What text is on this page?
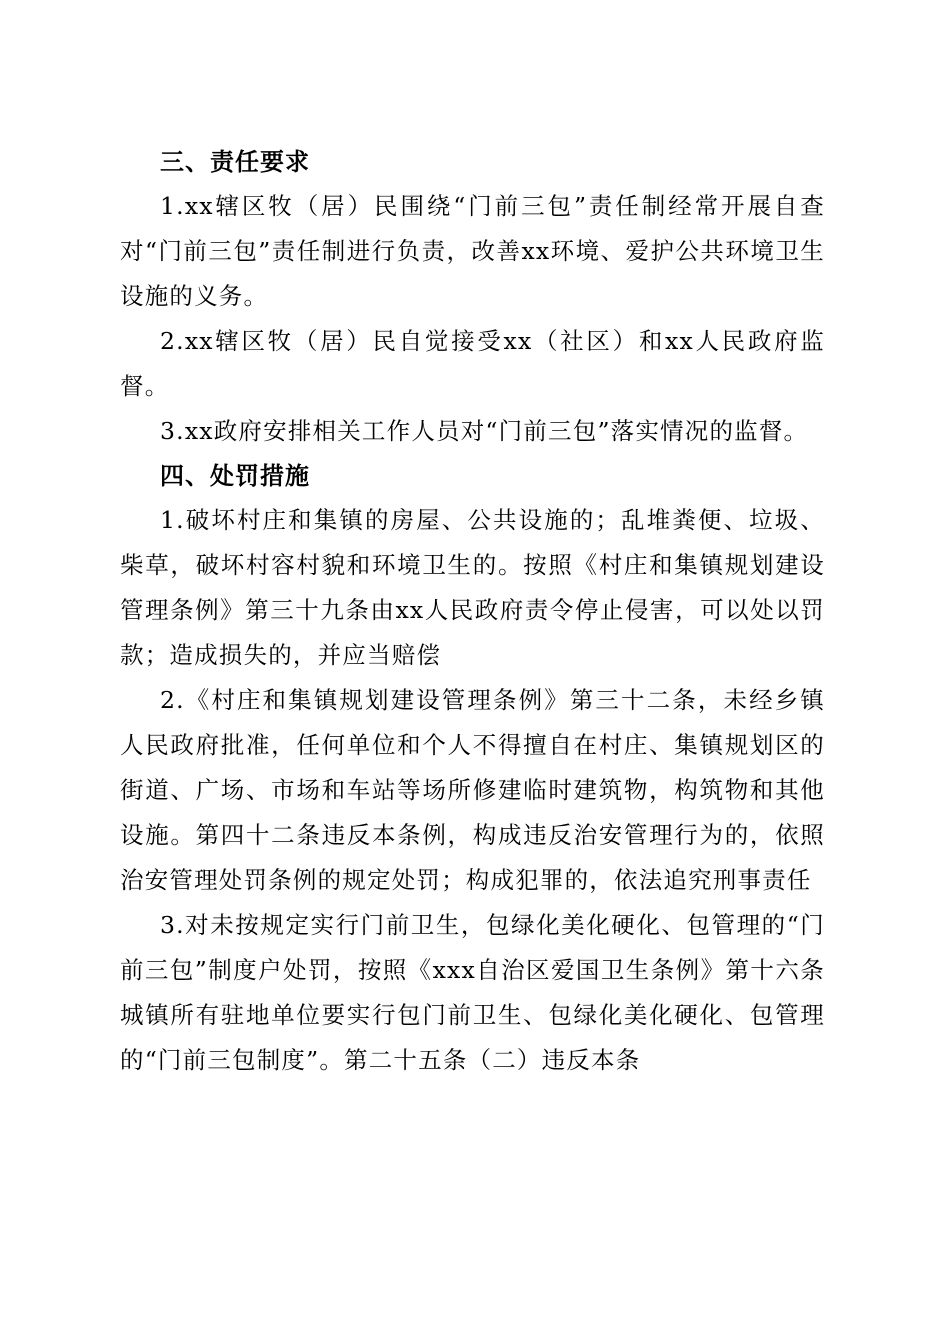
三、责任要求

1.xx辖区牧（居）民围绕“门前三包”责任制经常开展自查对“门前三包”责任制进行负责，改善xx环境、爱护公共环境卫生设施的义务。

2.xx辖区牧（居）民自觉接受xx（社区）和xx人民政府监督。

3.xx政府安排相关工作人员对“门前三包”落实情况的监督。

四、处罚措施

1.破坏村庄和集镇的房屋、公共设施的；乱堆粪便、垃圾、柴草，破坏村容村貌和环境卫生的。按照《村庄和集镇规划建设管理条例》第三十九条由xx人民政府责令停止侵害，可以处以罚款；造成损失的，并应当赔偿

2.《村庄和集镇规划建设管理条例》第三十二条，未经乡镇人民政府批准，任何单位和个人不得擅自在村庄、集镇规划区的街道、广场、市场和车站等场所修建临时建筑物，构筑物和其他设施。第四十二条违反本条例，构成违反治安管理行为的，依照治安管理处罚条例的规定处罚；构成犯罪的，依法追究刑事责任

3.对未按规定实行门前卫生，包绿化美化硬化、包管理的“门前三包”制度户处罚，按照《xxx自治区爱国卫生条例》第十六条城镇所有驻地单位要实行包门前卫生、包绿化美化硬化、包管理的“门前三包制度”。第二十五条（二）违反本条
